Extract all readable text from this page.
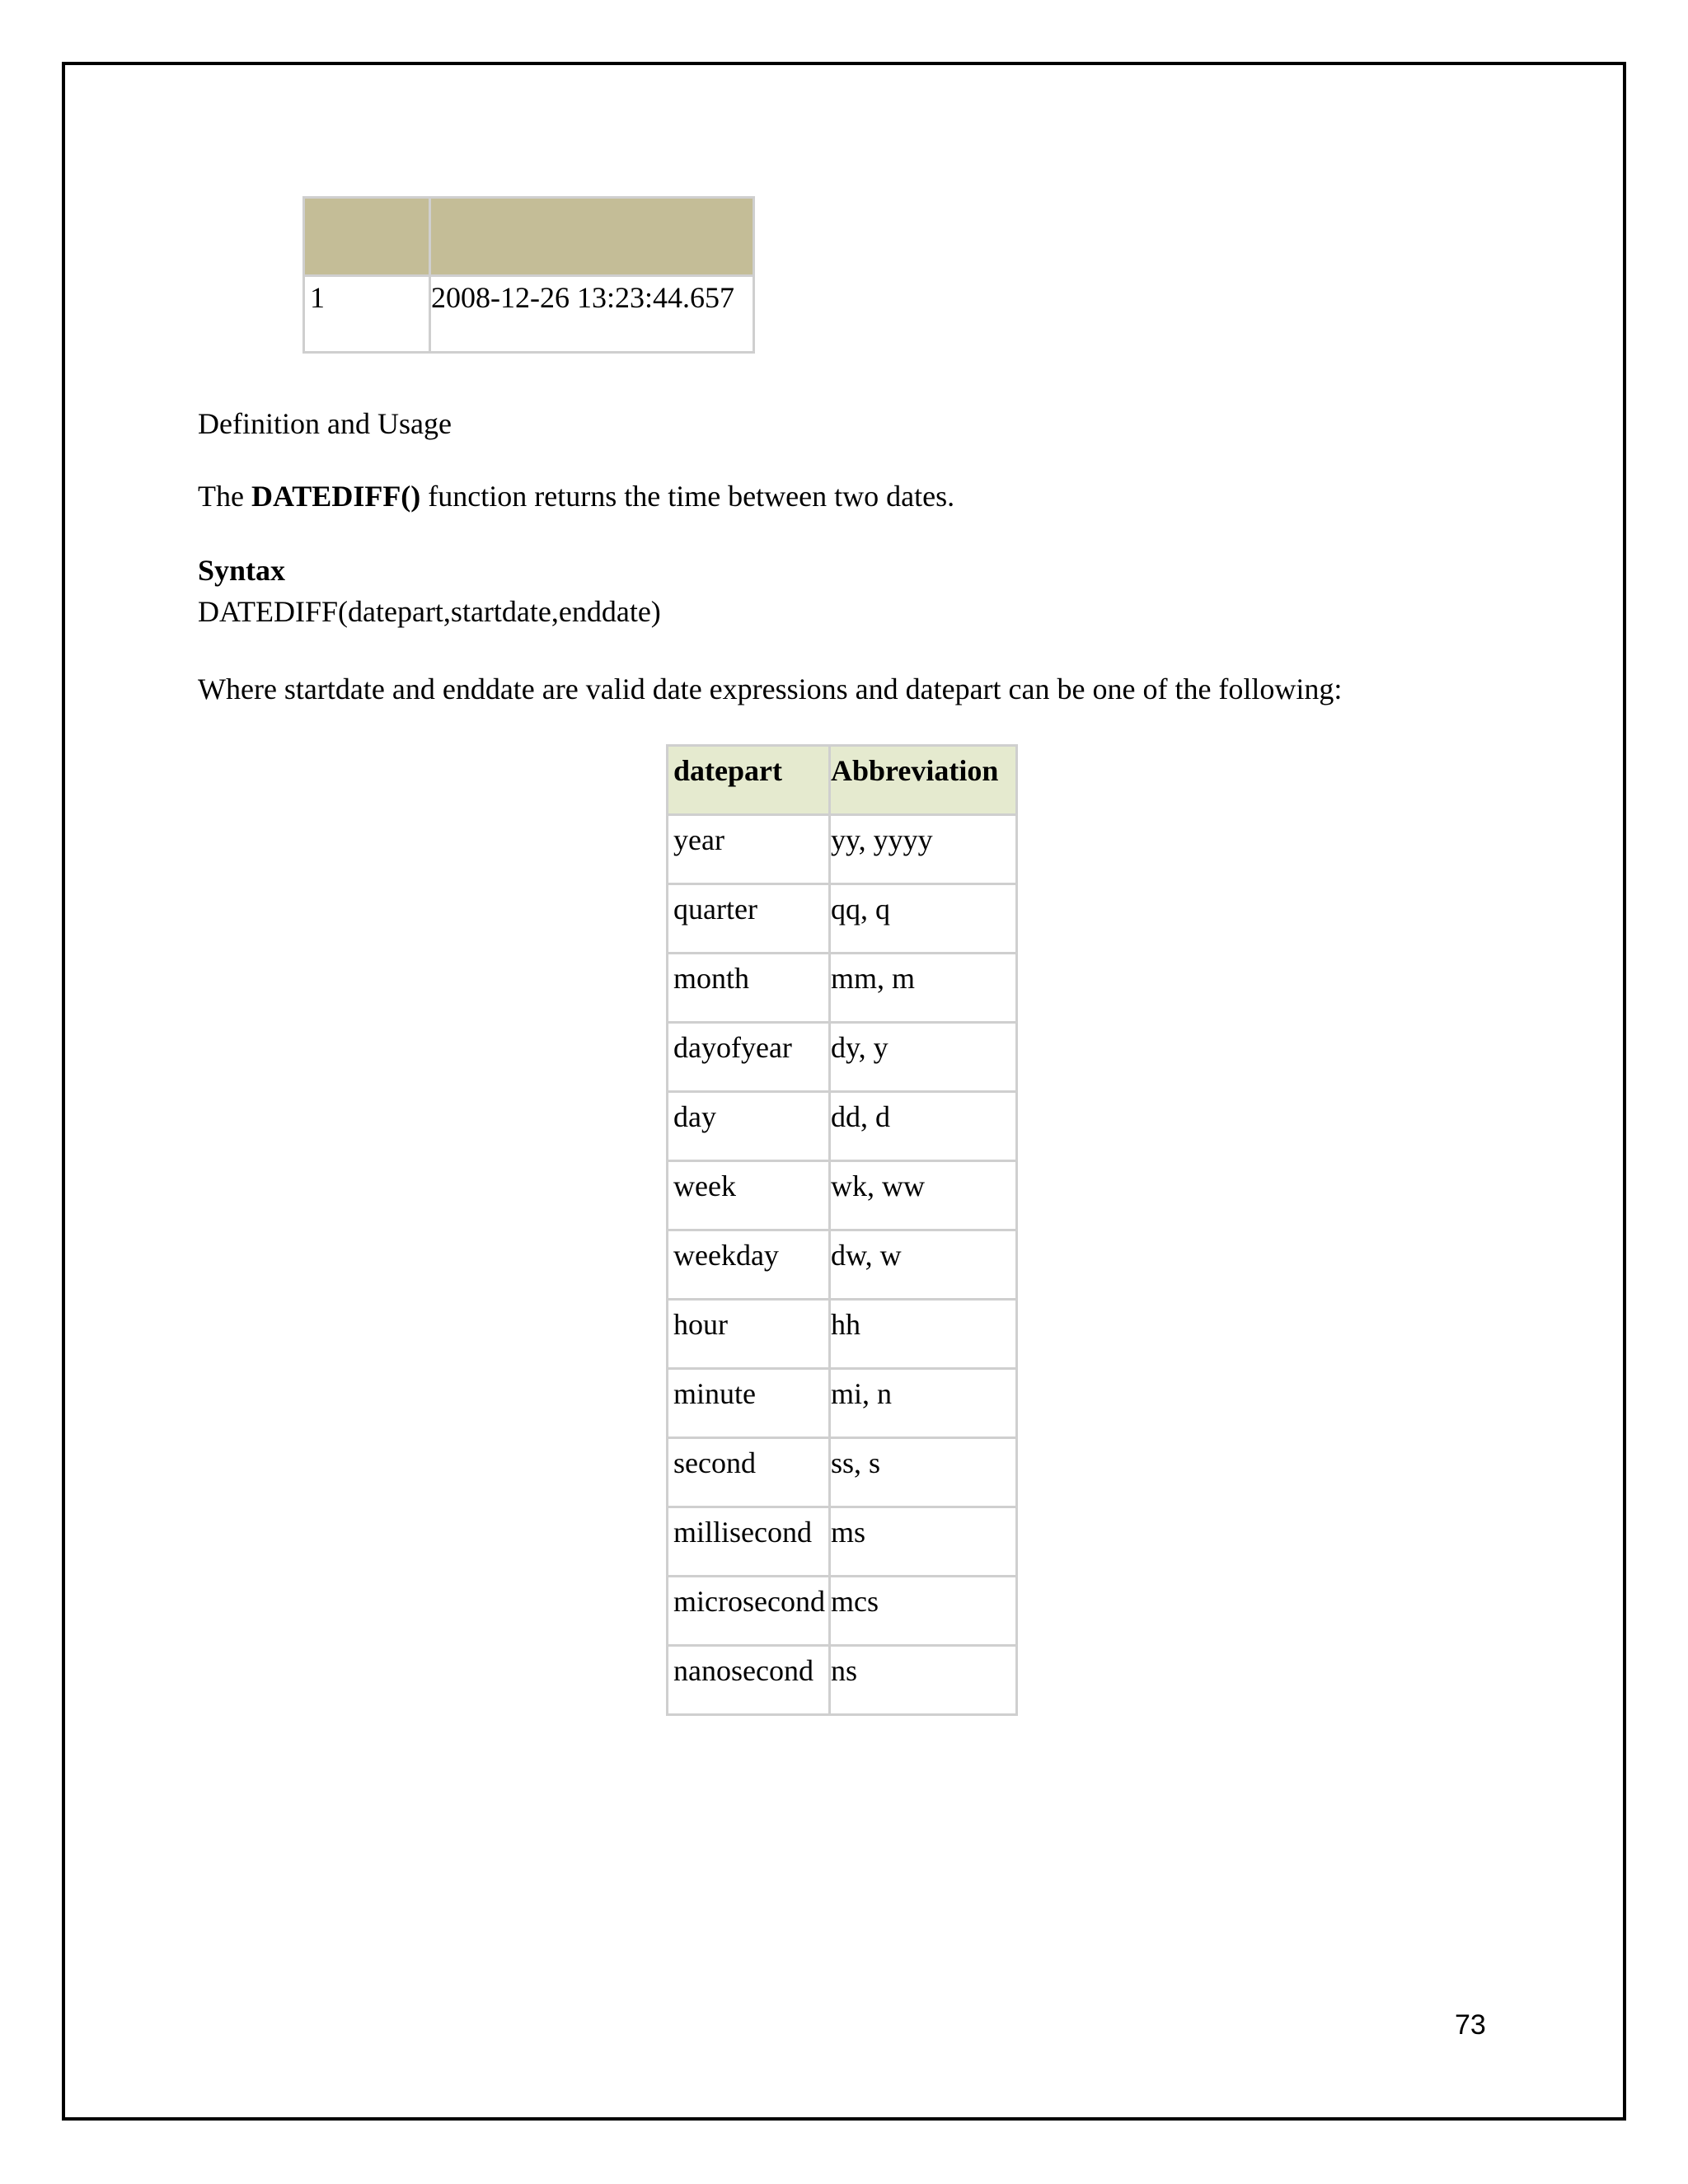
1	2008-12-26 13:23:44.657
Definition and Usage
The DATEDIFF() function returns the time between two dates.
Syntax
DATEDIFF(datepart,startdate,enddate)
Where startdate and enddate are valid date expressions and datepart can be one of the following:
datepart	Abbreviation
year	yy, yyyy
quarter	qq, q
month	mm, m
dayofyear	dy, y
day	dd, d
week	wk, ww
weekday	dw, w
hour	hh
minute	mi, n
second	ss, s
millisecond	ms
microsecond	mcs
nanosecond	ns
73
